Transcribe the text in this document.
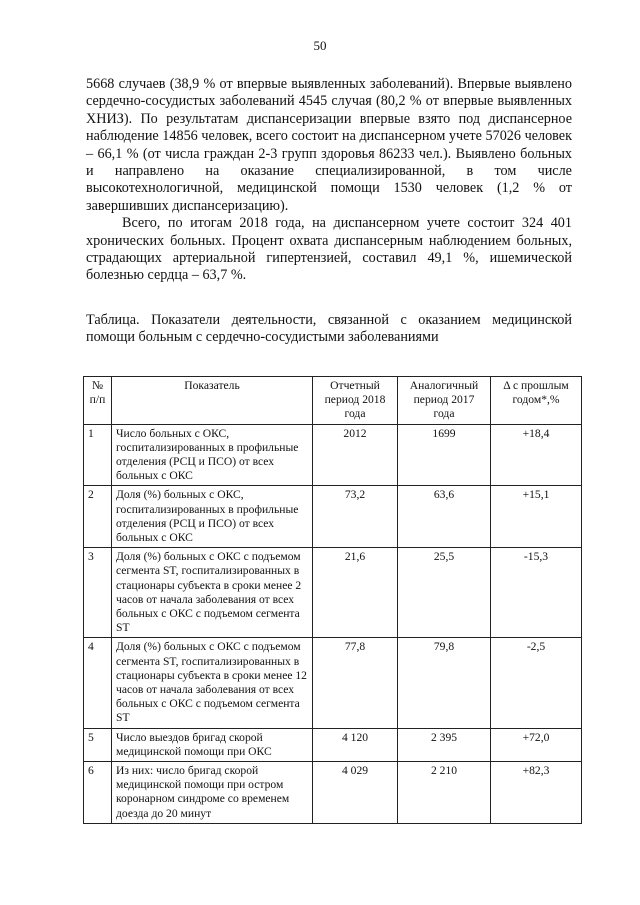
50

5668 случаев (38,9 % от впервые выявленных заболеваний). Впервые выявлено сердечно-сосудистых заболеваний 4545 случая (80,2 % от впервые выявленных ХНИЗ). По результатам диспансеризации впервые взято под диспансерное наблюдение 14856 человек, всего состоит на диспансерном учете 57026 человек – 66,1 % (от числа граждан 2-3 групп здоровья 86233 чел.). Выявлено больных и направлено на оказание специализированной, в том числе высокотехнологичной, медицинской помощи 1530 человек (1,2 % от завершивших диспансеризацию).

Всего, по итогам 2018 года, на диспансерном учете состоит 324 401 хронических больных. Процент охвата диспансерным наблюдением больных, страдающих артериальной гипертензией, составил 49,1 %, ишемической болезнью сердца – 63,7 %.

Таблица. Показатели деятельности, связанной с оказанием медицинской помощи больным с сердечно-сосудистыми заболеваниями

№ п/п	Показатель	Отчетный период 2018 года	Аналогичный период 2017 года	Δ с прошлым годом*,%
1	Число больных с ОКС, госпитализированных в профильные отделения (РСЦ и ПСО) от всех больных с ОКС	2012	1699	+18,4
2	Доля (%) больных с ОКС, госпитализированных в профильные отделения (РСЦ и ПСО) от всех больных с ОКС	73,2	63,6	+15,1
3	Доля (%) больных с ОКС с подъемом сегмента ST, госпитализированных в стационары субъекта в сроки менее 2 часов от начала заболевания от всех больных с ОКС с подъемом сегмента ST	21,6	25,5	-15,3
4	Доля (%) больных с ОКС с подъемом сегмента ST, госпитализированных в стационары субъекта в сроки менее 12 часов от начала заболевания от всех больных с ОКС с подъемом сегмента ST	77,8	79,8	-2,5
5	Число выездов бригад скорой медицинской помощи при ОКС	4 120	2 395	+72,0
6	Из них: число бригад скорой медицинской помощи при остром коронарном синдроме со временем доезда до 20 минут	4 029	2 210	+82,3
